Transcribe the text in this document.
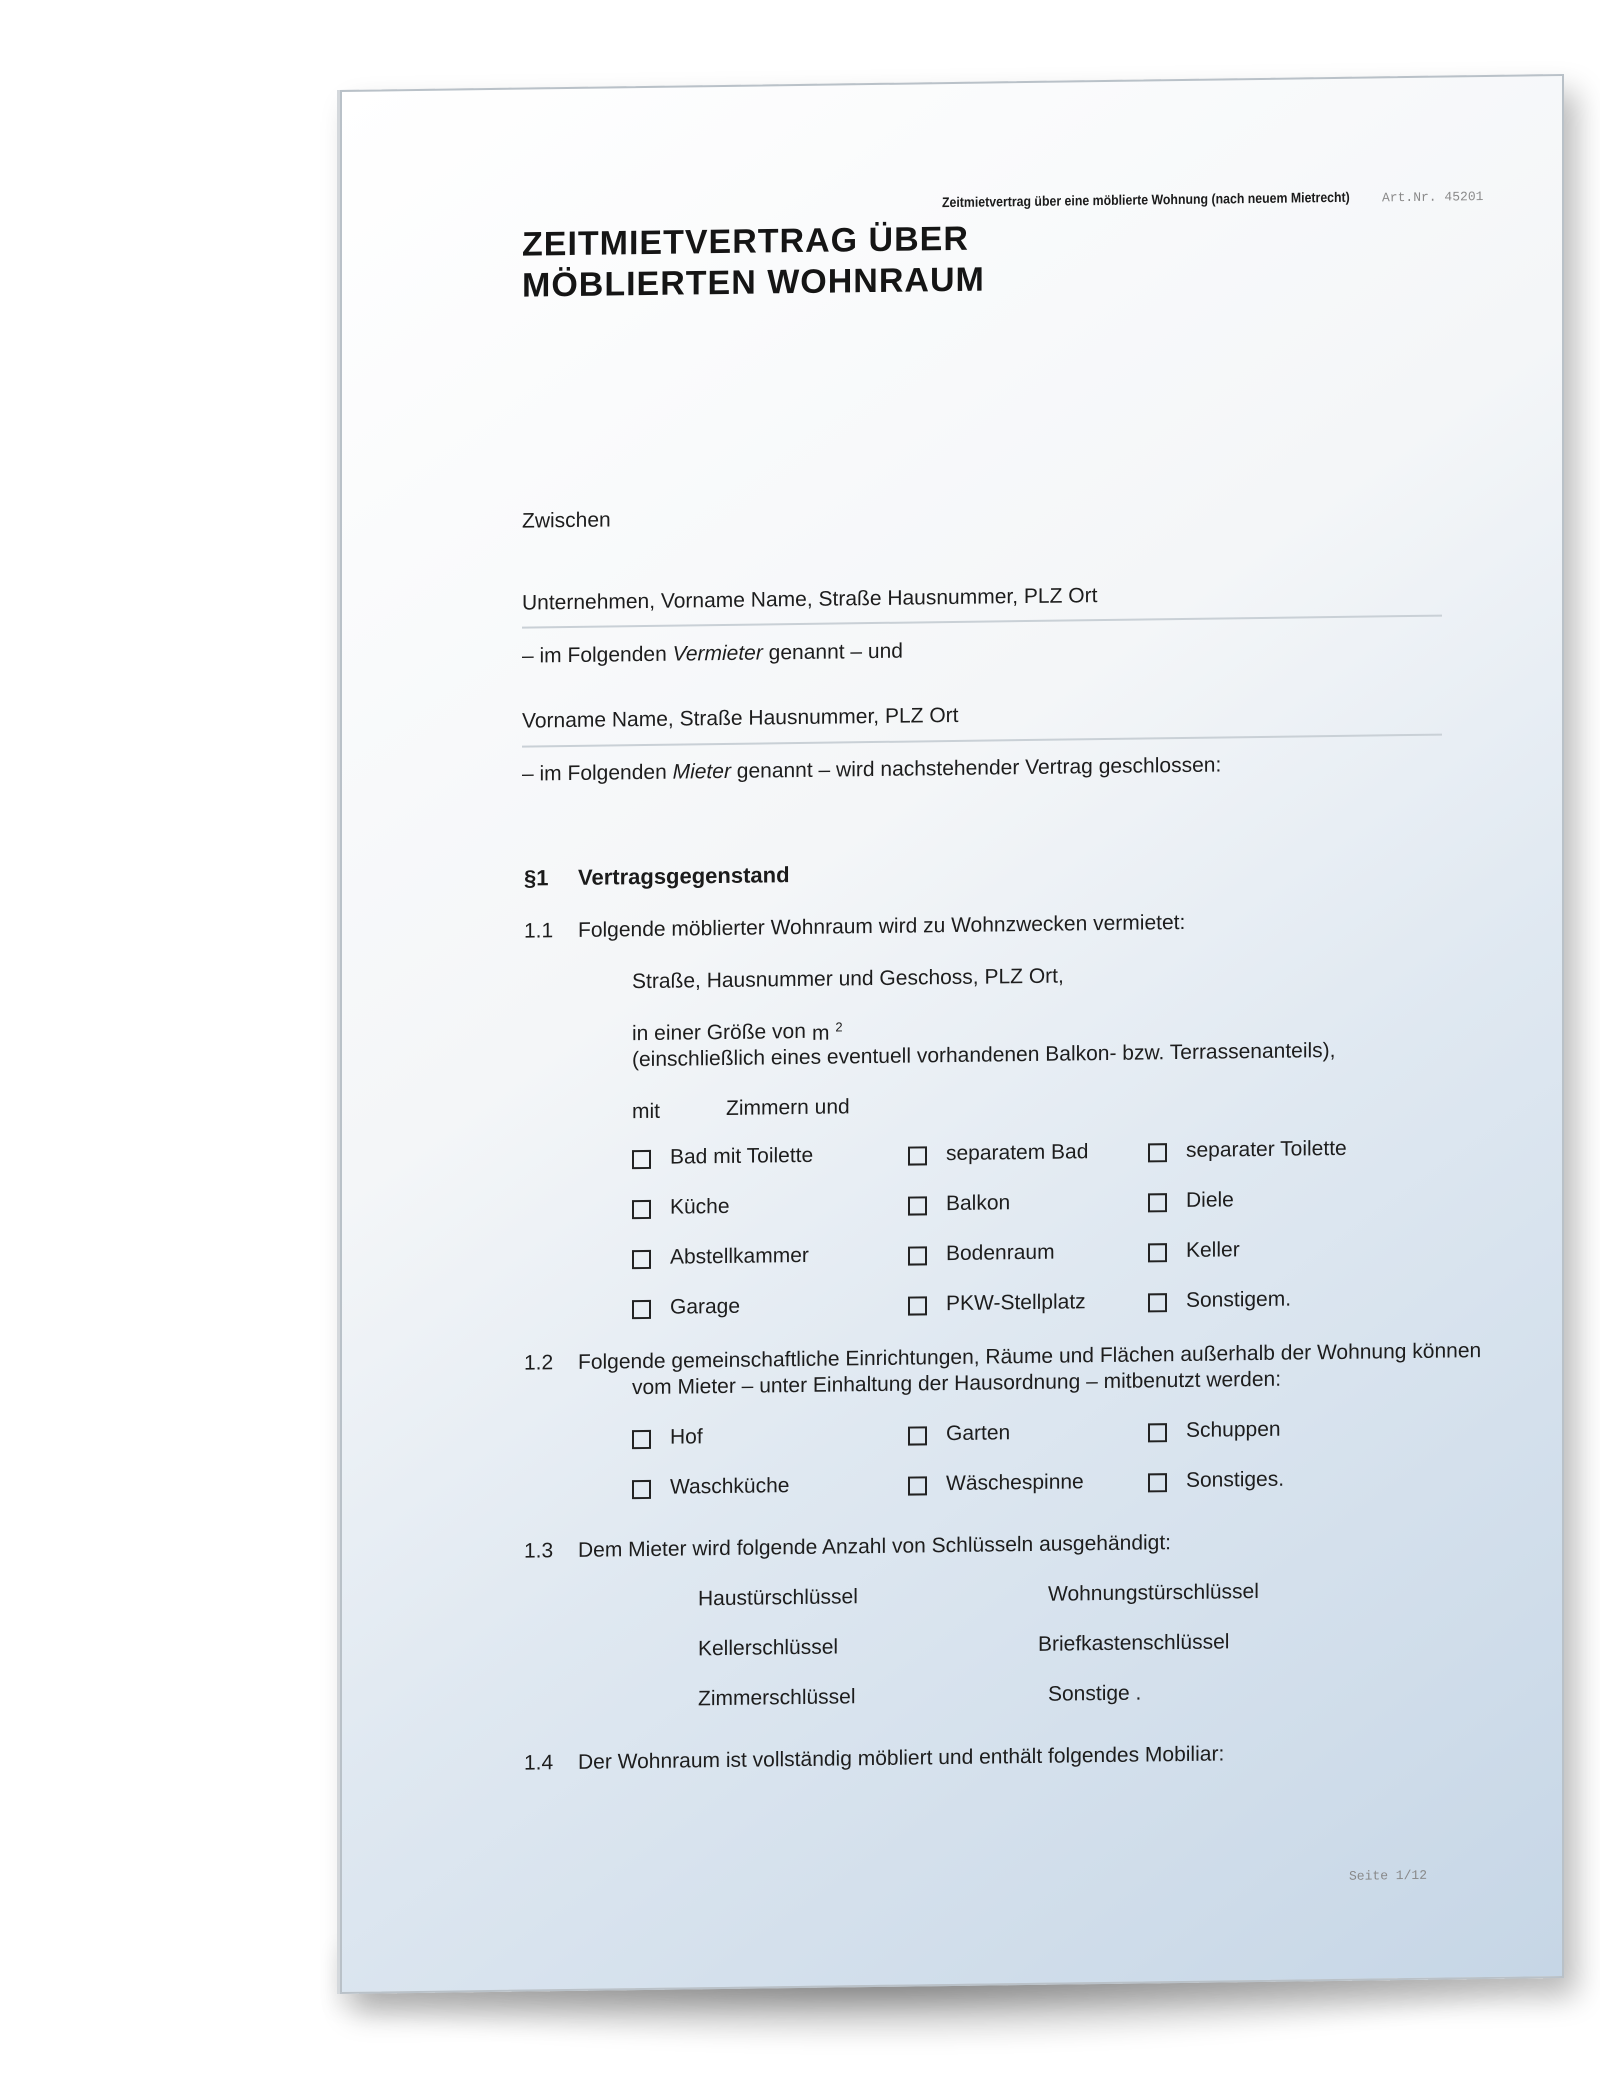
Zeitmietvertrag über eine möblierte Wohnung (nach neuem Mietrecht) Art.Nr. 45201
ZEITMIETVERTRAG ÜBER
MÖBLIERTEN WOHNRAUM
Zwischen
Unternehmen, Vorname Name, Straße Hausnummer, PLZ Ort
– im Folgenden Vermieter genannt – und
Vorname Name, Straße Hausnummer, PLZ Ort
– im Folgenden Mieter genannt – wird nachstehender Vertrag geschlossen:
§1 Vertragsgegenstand
1.1 Folgende möblierter Wohnraum wird zu Wohnzwecken vermietet:
Straße, Hausnummer und Geschoss, PLZ Ort,
in einer Größe von m $^2$
(einschließlich eines eventuell vorhandenen Balkon- bzw. Terrassenanteils),
mit	Zimmern und
Bad mit Toilette	separatem Bad	separater Toilette
Küche	Balkon	Diele
Abstellkammer	Bodenraum	Keller
Garage	PKW-Stellplatz	Sonstigem.
1.2 Folgende gemeinschaftliche Einrichtungen, Räume und Flächen außerhalb der Wohnung können
vom Mieter – unter Einhaltung der Hausordnung – mitbenutzt werden:
Hof	Garten	Schuppen
Waschküche	Wäschespinne	Sonstiges.
1.3 Dem Mieter wird folgende Anzahl von Schlüsseln ausgehändigt:
Haustürschlüssel	Wohnungstürschlüssel
Kellerschlüssel	Briefkastenschlüssel
Zimmerschlüssel	Sonstige .
1.4 Der Wohnraum ist vollständig möbliert und enthält folgendes Mobiliar:
Seite 1/12
